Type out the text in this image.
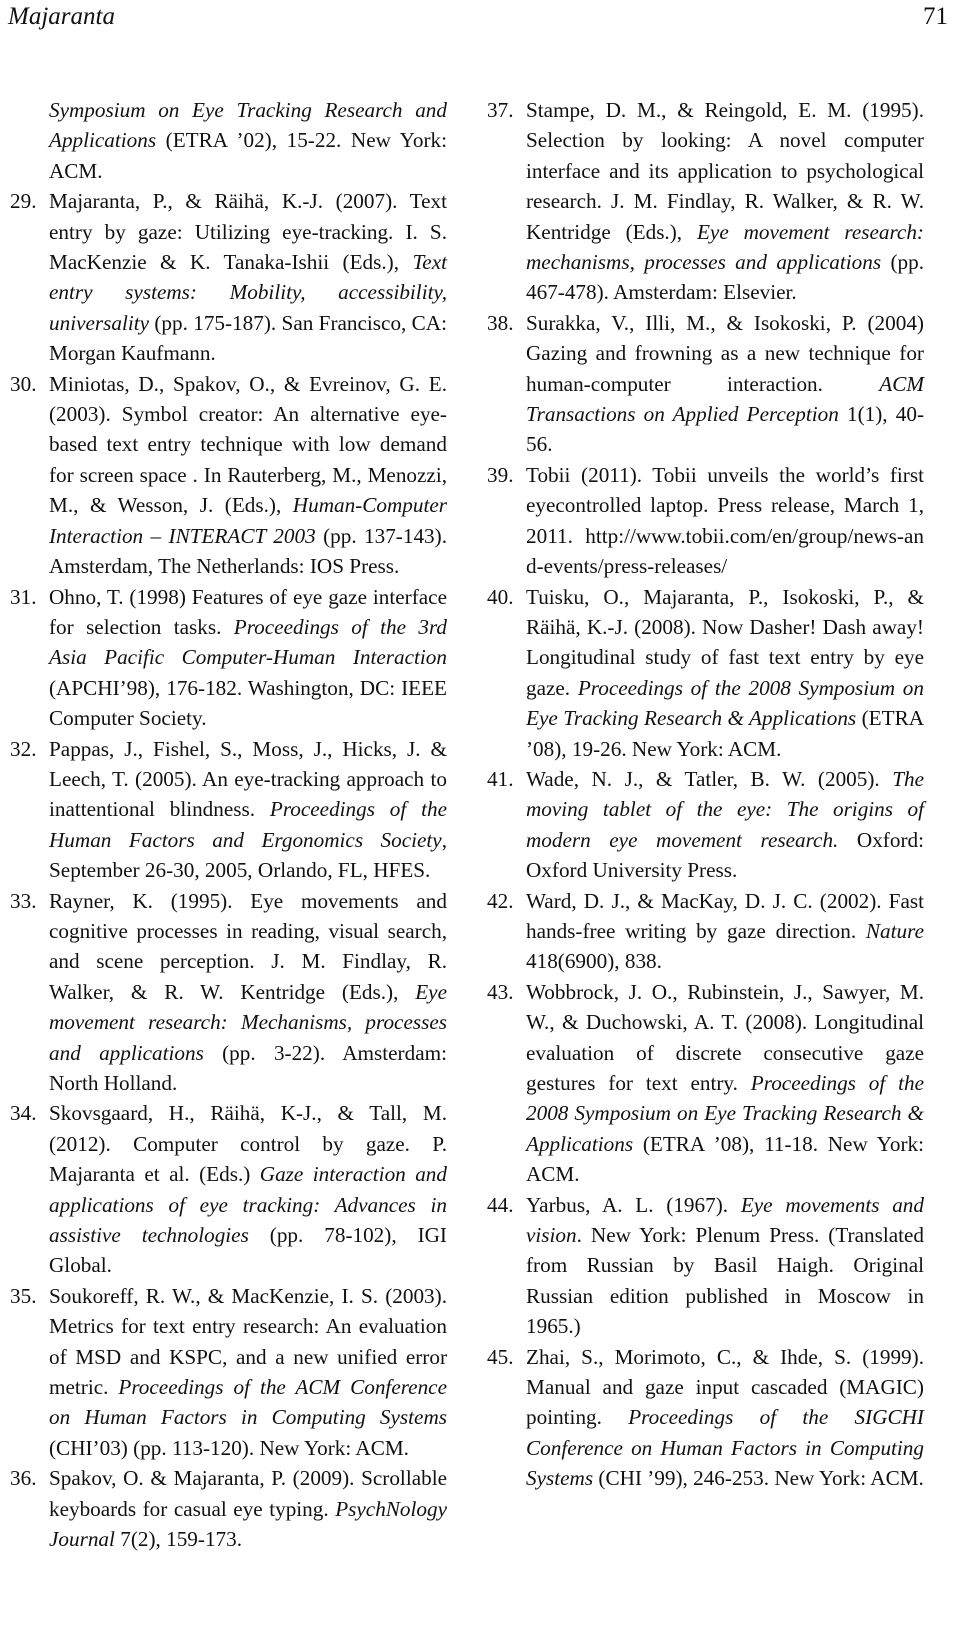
Majaranta	71

Symposium on Eye Tracking Research and Applications (ETRA ’02), 15-22. New York: ACM.

29. Majaranta, P., & Räihä, K.-J. (2007). Text entry by gaze: Utilizing eye-tracking. I. S. MacKenzie & K. Tanaka-Ishii (Eds.), Text entry systems: Mobility, accessibility, universality (pp. 175-187). San Francisco, CA: Morgan Kaufmann.

30. Miniotas, D., Spakov, O., & Evreinov, G. E. (2003). Symbol creator: An alternative eye-based text entry technique with low demand for screen space . In Rauterberg, M., Menozzi, M., & Wesson, J. (Eds.), Human-Computer Interaction – INTERACT 2003 (pp. 137-143). Amsterdam, The Netherlands: IOS Press.

31. Ohno, T. (1998) Features of eye gaze interface for selection tasks. Proceedings of the 3rd Asia Pacific Computer-Human Interaction (APCHI’98), 176-182. Washington, DC: IEEE Computer Society.

32. Pappas, J., Fishel, S., Moss, J., Hicks, J. & Leech, T. (2005). An eye-tracking approach to inattentional blindness. Proceedings of the Human Factors and Ergonomics Society, September 26-30, 2005, Orlando, FL, HFES.

33. Rayner, K. (1995). Eye movements and cognitive processes in reading, visual search, and scene perception. J. M. Findlay, R. Walker, & R. W. Kentridge (Eds.), Eye movement research: Mechanisms, processes and applications (pp. 3-22). Amsterdam: North Holland.

34. Skovsgaard, H., Räihä, K-J., & Tall, M. (2012). Computer control by gaze. P. Majaranta et al. (Eds.) Gaze interaction and applications of eye tracking: Advances in assistive technologies (pp. 78-102), IGI Global.

35. Soukoreff, R. W., & MacKenzie, I. S. (2003). Metrics for text entry research: An evaluation of MSD and KSPC, and a new unified error metric. Proceedings of the ACM Conference on Human Factors in Computing Systems (CHI’03) (pp. 113-120). New York: ACM.

36. Spakov, O. & Majaranta, P. (2009). Scrollable keyboards for casual eye typing. PsychNology Journal 7(2), 159-173.

37. Stampe, D. M., & Reingold, E. M. (1995). Selection by looking: A novel computer interface and its application to psychological research. J. M. Findlay, R. Walker, & R. W. Kentridge (Eds.), Eye movement research: mechanisms, processes and applications (pp. 467-478). Amsterdam: Elsevier.

38. Surakka, V., Illi, M., & Isokoski, P. (2004) Gazing and frowning as a new technique for human-computer interaction. ACM Transactions on Applied Perception 1(1), 40-56.

39. Tobii (2011). Tobii unveils the world’s first eyecontrolled laptop. Press release, March 1, 2011. http://www.tobii.com/en/group/news-and-events/press-releases/

40. Tuisku, O., Majaranta, P., Isokoski, P., & Räihä, K.-J. (2008). Now Dasher! Dash away! Longitudinal study of fast text entry by eye gaze. Proceedings of the 2008 Symposium on Eye Tracking Research & Applications (ETRA ’08), 19-26. New York: ACM.

41. Wade, N. J., & Tatler, B. W. (2005). The moving tablet of the eye: The origins of modern eye movement research. Oxford: Oxford University Press.

42. Ward, D. J., & MacKay, D. J. C. (2002). Fast hands-free writing by gaze direction. Nature 418(6900), 838.

43. Wobbrock, J. O., Rubinstein, J., Sawyer, M. W., & Duchowski, A. T. (2008). Longitudinal evaluation of discrete consecutive gaze gestures for text entry. Proceedings of the 2008 Symposium on Eye Tracking Research & Applications (ETRA ’08), 11-18. New York: ACM.

44. Yarbus, A. L. (1967). Eye movements and vision. New York: Plenum Press. (Translated from Russian by Basil Haigh. Original Russian edition published in Moscow in 1965.)

45. Zhai, S., Morimoto, C., & Ihde, S. (1999). Manual and gaze input cascaded (MAGIC) pointing. Proceedings of the SIGCHI Conference on Human Factors in Computing Systems (CHI ’99), 246-253. New York: ACM.
